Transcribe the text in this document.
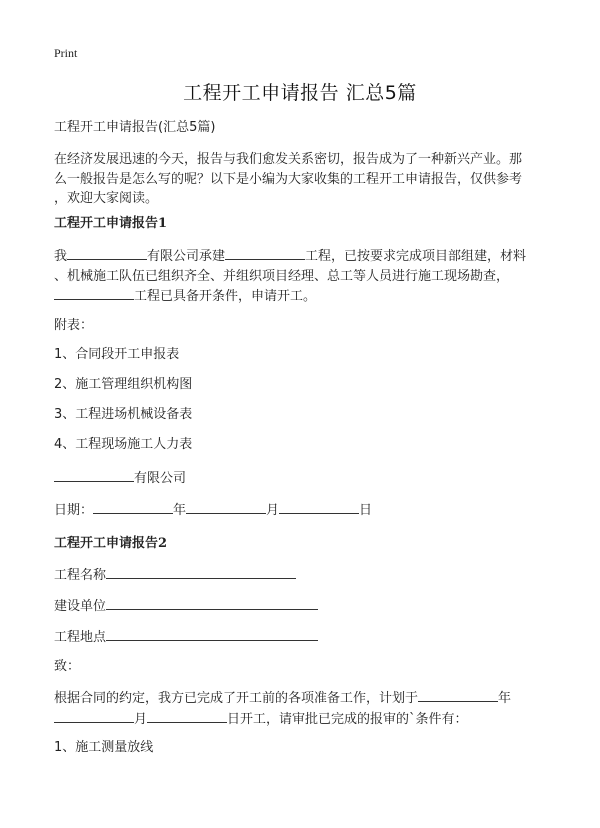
Print
工程开工申请报告 汇总5篇
工程开工申请报告(汇总5篇)
在经济发展迅速的今天，报告与我们愈发关系密切，报告成为了一种新兴产业。那
么一般报告是怎么写的呢？以下是小编为大家收集的工程开工申请报告，仅供参考
，欢迎大家阅读。
工程开工申请报告1
我	有限公司承建	工程，已按要求完成项目部组建，材料
、机械施工队伍已组织齐全、并组织项目经理、总工等人员进行施工现场勘查，
工程已具备开条件，申请开工。
附表：
1、合同段开工申报表
2、施工管理组织机构图
3、工程进场机械设备表
4、工程现场施工人力表
有限公司
日期：	年	月	日
工程开工申请报告2
工程名称
建设单位
工程地点
致：
根据合同的约定，我方已完成了开工前的各项准备工作，计划于	年
月	日开工，请审批已完成的报审的`条件有：
1、施工测量放线
